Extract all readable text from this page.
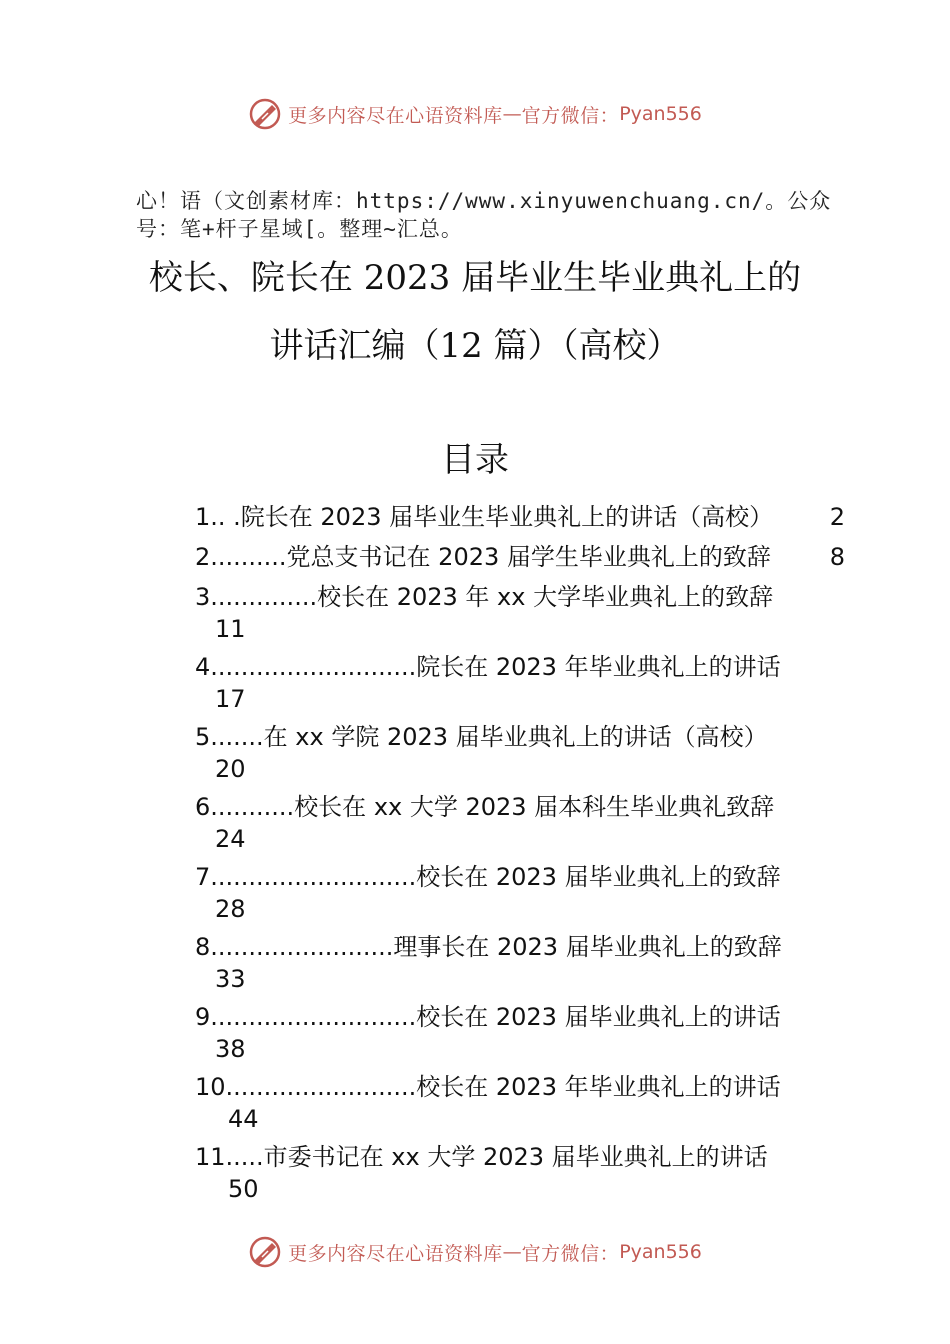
更多内容尽在心语资料库 — 官方微信： Pyan556
心！语（文创素材库：https://www.xinyuwenchuang.cn/。公众号：笔+杆子星域[。整理~汇总。
校长、院长在 2023 届毕业生毕业典礼上的
讲话汇编（12 篇）（高校）
目录
1.. .院长在 2023 届毕业生毕业典礼上的讲话（高校）	2
2..........党总支书记在 2023 届学生毕业典礼上的致辞	8
3..............校长在 2023 年 xx 大学毕业典礼上的致辞
11
4...........................院长在 2023 年毕业典礼上的讲话
17
5.......在 xx 学院 2023 届毕业典礼上的讲话（高校）
20
6...........校长在 xx 大学 2023 届本科生毕业典礼致辞
24
7...........................校长在 2023 届毕业典礼上的致辞
28
8........................理事长在 2023 届毕业典礼上的致辞
33
9...........................校长在 2023 届毕业典礼上的讲话
38
10.........................校长在 2023 年毕业典礼上的讲话
44
11.....市委书记在 xx 大学 2023 届毕业典礼上的讲话
50
更多内容尽在心语资料库 — 官方微信： Pyan556
